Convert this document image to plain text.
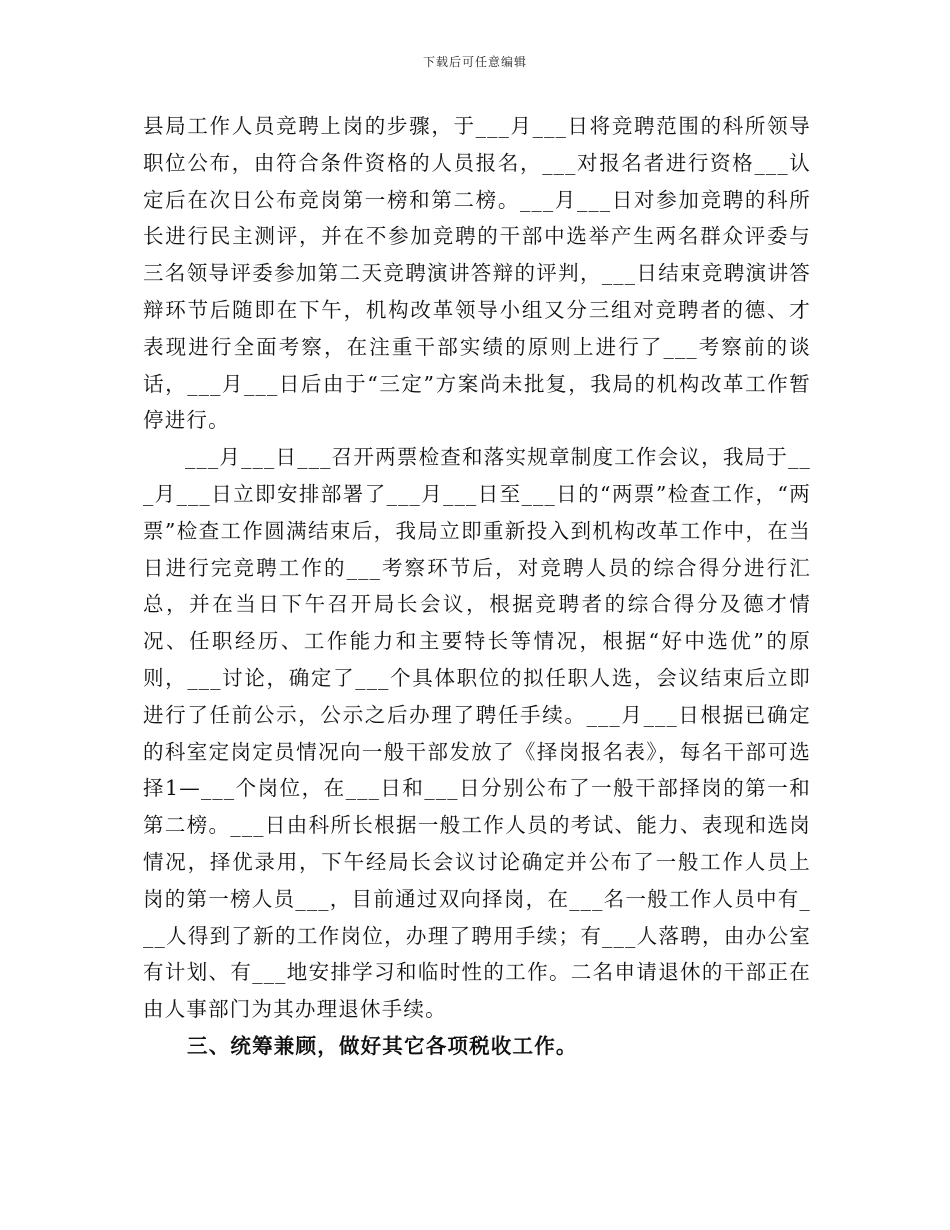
下载后可任意编辑

县局工作人员竞聘上岗的步骤，于___月___日将竞聘范围的科所领导职位公布，由符合条件资格的人员报名，___对报名者进行资格___认定后在次日公布竞岗第一榜和第二榜。___月___日对参加竞聘的科所长进行民主测评，并在不参加竞聘的干部中选举产生两名群众评委与三名领导评委参加第二天竞聘演讲答辩的评判，___日结束竞聘演讲答辩环节后随即在下午，机构改革领导小组又分三组对竞聘者的德、才表现进行全面考察，在注重干部实绩的原则上进行了___考察前的谈话，___月___日后由于“三定”方案尚未批复，我局的机构改革工作暂停进行。

___月___日___召开两票检查和落实规章制度工作会议，我局于___月___日立即安排部署了___月___日至___日的“两票”检查工作，“两票”检查工作圆满结束后，我局立即重新投入到机构改革工作中，在当日进行完竞聘工作的___考察环节后，对竞聘人员的综合得分进行汇总，并在当日下午召开局长会议，根据竞聘者的综合得分及德才情况、任职经历、工作能力和主要特长等情况，根据“好中选优”的原则，___讨论，确定了___个具体职位的拟任职人选，会议结束后立即进行了任前公示，公示之后办理了聘任手续。___月___日根据已确定的科室定岗定员情况向一般干部发放了《择岗报名表》，每名干部可选择1—___个岗位，在___日和___日分别公布了一般干部择岗的第一和第二榜。___日由科所长根据一般工作人员的考试、能力、表现和选岗情况，择优录用，下午经局长会议讨论确定并公布了一般工作人员上岗的第一榜人员___，目前通过双向择岗，在___名一般工作人员中有___人得到了新的工作岗位，办理了聘用手续；有___人落聘，由办公室有计划、有___地安排学习和临时性的工作。二名申请退休的干部正在由人事部门为其办理退休手续。

三、统筹兼顾，做好其它各项税收工作。
